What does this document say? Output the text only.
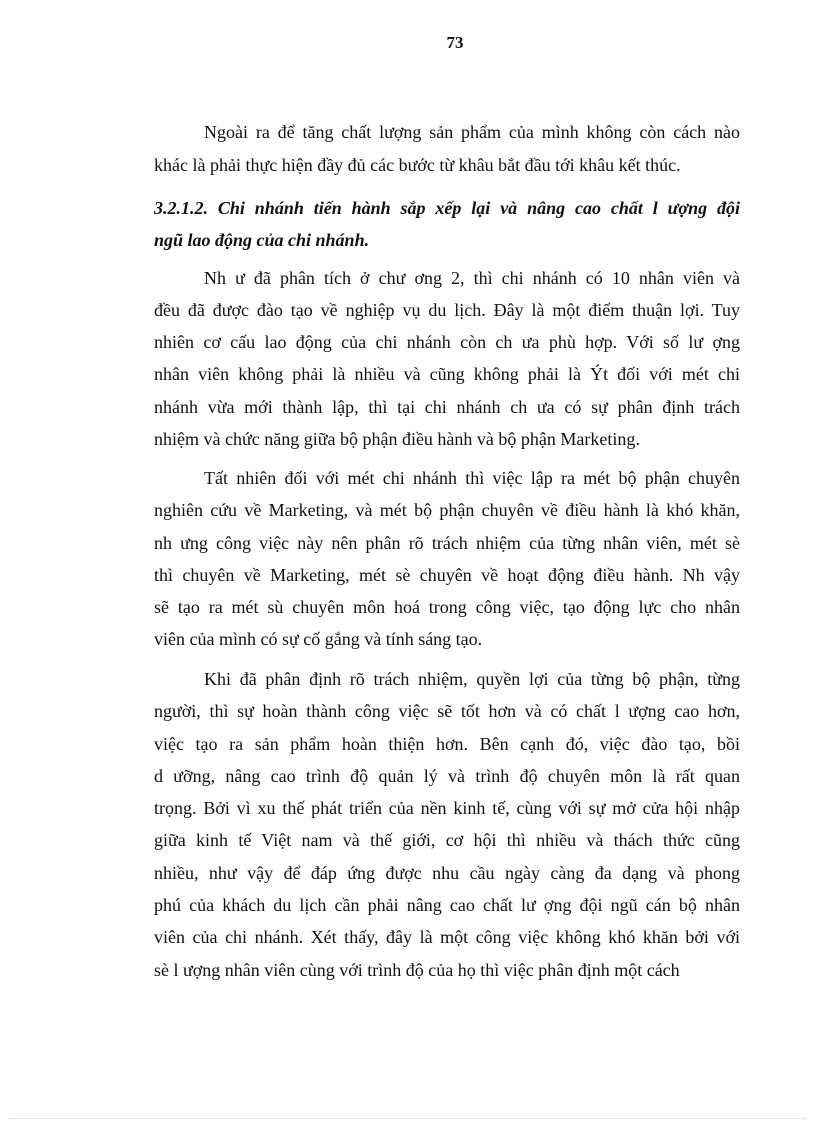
73
Ngoài ra để tăng chất lượng sản phẩm của mình không còn cách nào
khác là phải thực hiện đầy đủ các bước từ khâu bắt đầu tới khâu kết thúc.
3.2.1.2. Chi nhánh tiến hành sắp xếp lại và nâng cao chất l ượng đội
ngũ lao động của chi nhánh.
Nh ư đã phân tích ở chư ơng 2, thì chi nhánh có 10 nhân viên và
đều đã được đào tạo về nghiệp vụ du lịch. Đây là một điểm thuận lợi. Tuy
nhiên cơ cấu lao động của chi nhánh còn ch ưa phù hợp. Với số lư ợng
nhân viên không phải là nhiều và cũng không phải là Ýt đối với mét chi
nhánh vừa mới thành lập, thì tại chi nhánh ch ưa có sự phân định trách
nhiệm và chức năng giữa bộ phận điều hành và bộ phận Marketing.
Tất nhiên đối với mét chi nhánh thì việc lập ra mét bộ phận chuyên
nghiên cứu về Marketing, và mét bộ phận chuyên về điều hành là khó khăn,
nh ưng công việc này nên phân rõ trách nhiệm của từng nhân viên, mét sè
thì chuyên về Marketing, mét sè chuyên về hoạt động điều hành. Nh vậy
sẽ tạo ra mét sù chuyên môn hoá trong công việc, tạo động lực cho nhân
viên của mình có sự cố gắng và tính sáng tạo.
Khi đã phân định rõ trách nhiệm, quyền lợi của từng bộ phận, từng
người, thì sự hoàn thành công việc sẽ tốt hơn và có chất l ượng cao hơn,
việc tạo ra sản phẩm hoàn thiện hơn. Bên cạnh đó, việc đào tạo, bồi
d ưỡng, nâng cao trình độ quản lý và trình độ chuyên môn là rất quan
trọng. Bởi vì xu thế phát triển của nền kinh tế, cùng với sự mở cửa hội nhập
giữa kinh tế Việt nam và thế giới, cơ hội thì nhiều và thách thức cũng
nhiều, như vậy để đáp ứng được nhu cầu ngày càng đa dạng và phong
phú của khách du lịch cần phải nâng cao chất lư ợng đội ngũ cán bộ nhân
viên của chi nhánh. Xét thấy, đây là một công việc không khó khăn bởi với
sè l ượng nhân viên cùng với trình độ của họ thì việc phân định một cách
